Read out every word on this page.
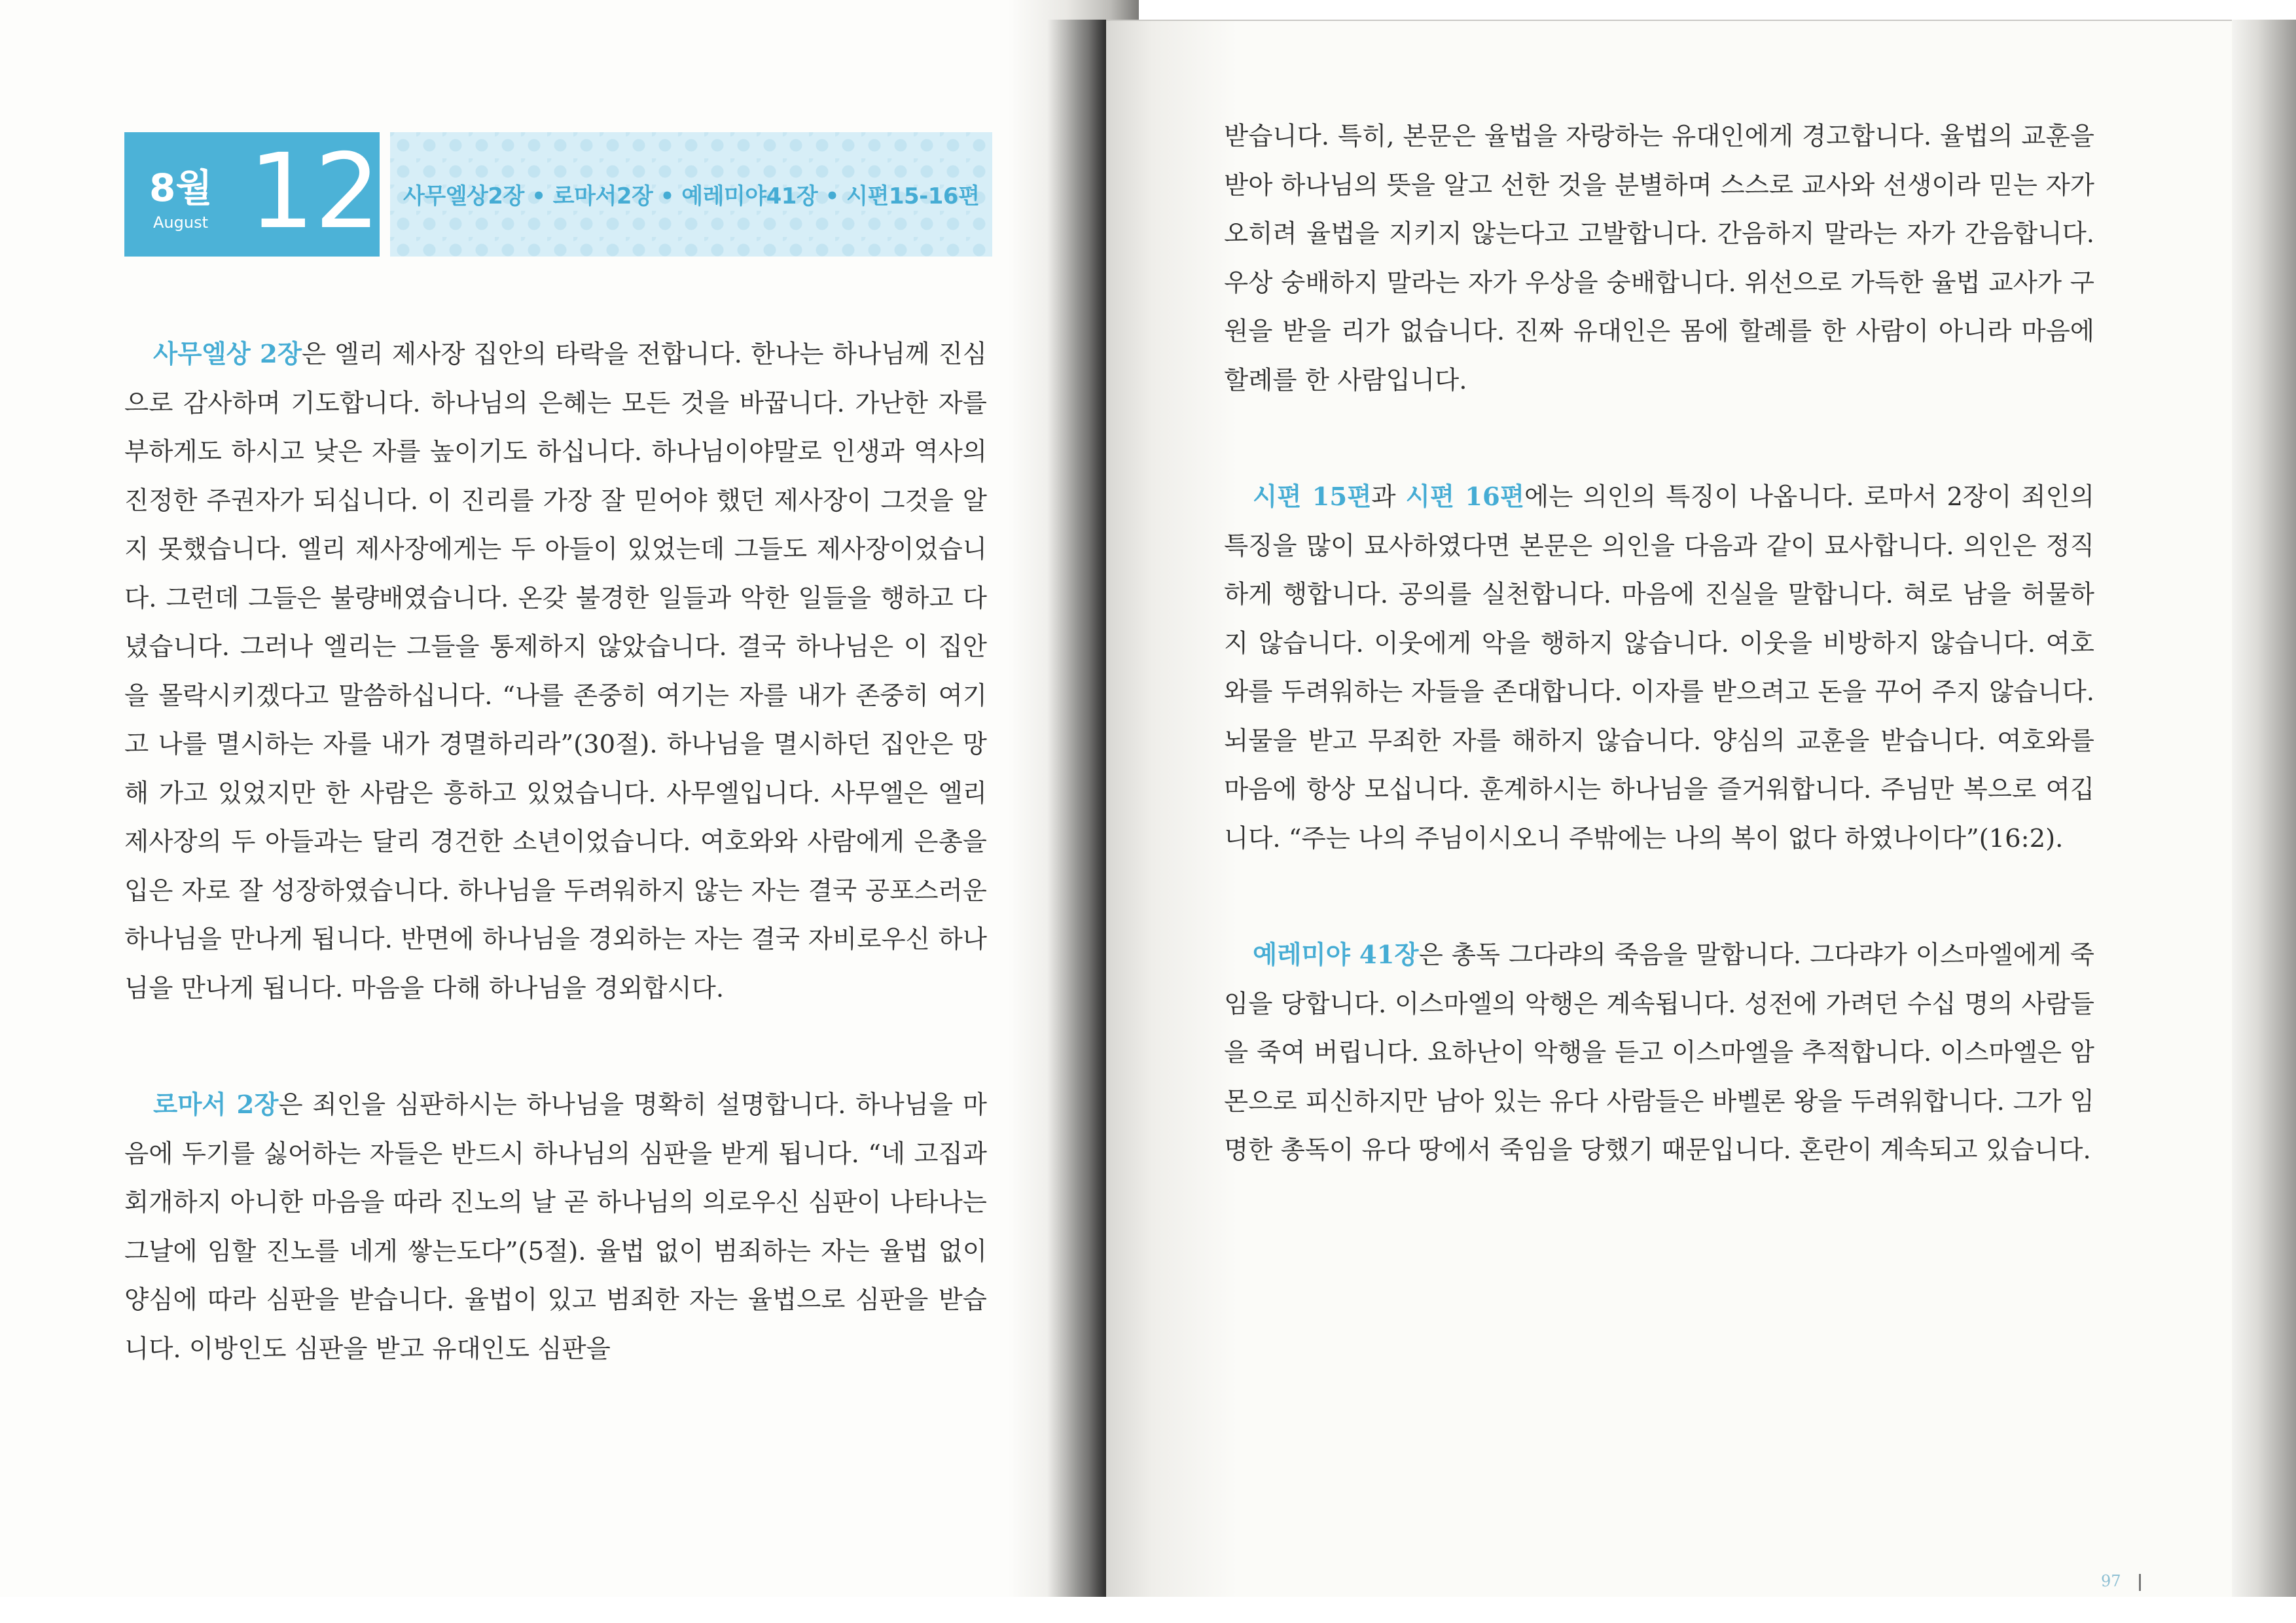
8월
August 12 사무엘상2장 • 로마서2장 • 예레미야41장 • 시편15-16편

사무엘상 2장은 엘리 제사장 집안의 타락을 전합니다. 한나는 하나님께 진심으로 감사하며 기도합니다. 하나님의 은혜는 모든 것을 바꿉니다. 가난한 자를 부하게도 하시고 낮은 자를 높이기도 하십니다. 하나님이야말로 인생과 역사의 진정한 주권자가 되십니다. 이 진리를 가장 잘 믿어야 했던 제사장이 그것을 알지 못했습니다. 엘리 제사장에게는 두 아들이 있었는데 그들도 제사장이었습니다. 그런데 그들은 불량배였습니다. 온갖 불경한 일들과 악한 일들을 행하고 다녔습니다. 그러나 엘리는 그들을 통제하지 않았습니다. 결국 하나님은 이 집안을 몰락시키겠다고 말씀하십니다. “나를 존중히 여기는 자를 내가 존중히 여기고 나를 멸시하는 자를 내가 경멸하리라”(30절). 하나님을 멸시하던 집안은 망해 가고 있었지만 한 사람은 흥하고 있었습니다. 사무엘입니다. 사무엘은 엘리 제사장의 두 아들과는 달리 경건한 소년이었습니다. 여호와와 사람에게 은총을 입은 자로 잘 성장하였습니다. 하나님을 두려워하지 않는 자는 결국 공포스러운 하나님을 만나게 됩니다. 반면에 하나님을 경외하는 자는 결국 자비로우신 하나님을 만나게 됩니다. 마음을 다해 하나님을 경외합시다.

로마서 2장은 죄인을 심판하시는 하나님을 명확히 설명합니다. 하나님을 마음에 두기를 싫어하는 자들은 반드시 하나님의 심판을 받게 됩니다. “네 고집과 회개하지 아니한 마음을 따라 진노의 날 곧 하나님의 의로우신 심판이 나타나는 그날에 임할 진노를 네게 쌓는도다”(5절). 율법 없이 범죄하는 자는 율법 없이 양심에 따라 심판을 받습니다. 율법이 있고 범죄한 자는 율법으로 심판을 받습니다. 이방인도 심판을 받고 유대인도 심판을

받습니다. 특히, 본문은 율법을 자랑하는 유대인에게 경고합니다. 율법의 교훈을 받아 하나님의 뜻을 알고 선한 것을 분별하며 스스로 교사와 선생이라 믿는 자가 오히려 율법을 지키지 않는다고 고발합니다. 간음하지 말라는 자가 간음합니다. 우상 숭배하지 말라는 자가 우상을 숭배합니다. 위선으로 가득한 율법 교사가 구원을 받을 리가 없습니다. 진짜 유대인은 몸에 할례를 한 사람이 아니라 마음에 할례를 한 사람입니다.

시편 15편과 시편 16편에는 의인의 특징이 나옵니다. 로마서 2장이 죄인의 특징을 많이 묘사하였다면 본문은 의인을 다음과 같이 묘사합니다. 의인은 정직하게 행합니다. 공의를 실천합니다. 마음에 진실을 말합니다. 혀로 남을 허물하지 않습니다. 이웃에게 악을 행하지 않습니다. 이웃을 비방하지 않습니다. 여호와를 두려워하는 자들을 존대합니다. 이자를 받으려고 돈을 꾸어 주지 않습니다. 뇌물을 받고 무죄한 자를 해하지 않습니다. 양심의 교훈을 받습니다. 여호와를 마음에 항상 모십니다. 훈계하시는 하나님을 즐거워합니다. 주님만 복으로 여깁니다. “주는 나의 주님이시오니 주밖에는 나의 복이 없다 하였나이다”(16:2).

예레미야 41장은 총독 그다랴의 죽음을 말합니다. 그다랴가 이스마엘에게 죽임을 당합니다. 이스마엘의 악행은 계속됩니다. 성전에 가려던 수십 명의 사람들을 죽여 버립니다. 요하난이 악행을 듣고 이스마엘을 추적합니다. 이스마엘은 암몬으로 피신하지만 남아 있는 유다 사람들은 바벨론 왕을 두려워합니다. 그가 임명한 총독이 유다 땅에서 죽임을 당했기 때문입니다. 혼란이 계속되고 있습니다.

97
